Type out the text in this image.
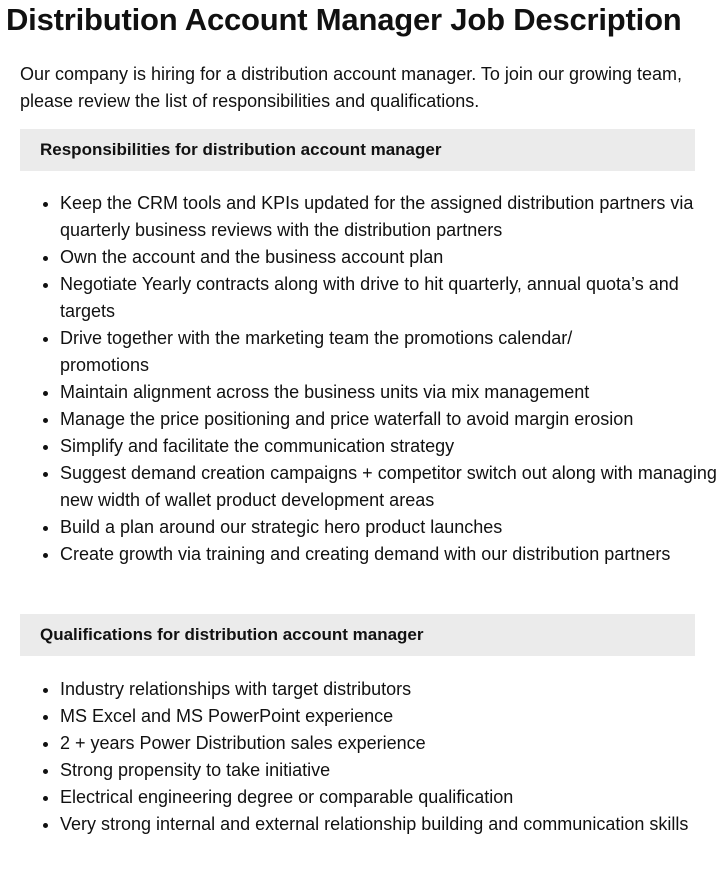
Distribution Account Manager Job Description

Our company is hiring for a distribution account manager. To join our growing team, please review the list of responsibilities and qualifications.

Responsibilities for distribution account manager
• Keep the CRM tools and KPIs updated for the assigned distribution partners via quarterly business reviews with the distribution partners
• Own the account and the business account plan
• Negotiate Yearly contracts along with drive to hit quarterly, annual quota’s and targets
• Drive together with the marketing team the promotions calendar/ promotions
• Maintain alignment across the business units via mix management
• Manage the price positioning and price waterfall to avoid margin erosion
• Simplify and facilitate the communication strategy
• Suggest demand creation campaigns + competitor switch out along with managing new width of wallet product development areas
• Build a plan around our strategic hero product launches
• Create growth via training and creating demand with our distribution partners
Qualifications for distribution account manager
• Industry relationships with target distributors
• MS Excel and MS PowerPoint experience
• 2 + years Power Distribution sales experience
• Strong propensity to take initiative
• Electrical engineering degree or comparable qualification
• Very strong internal and external relationship building and communication skills
